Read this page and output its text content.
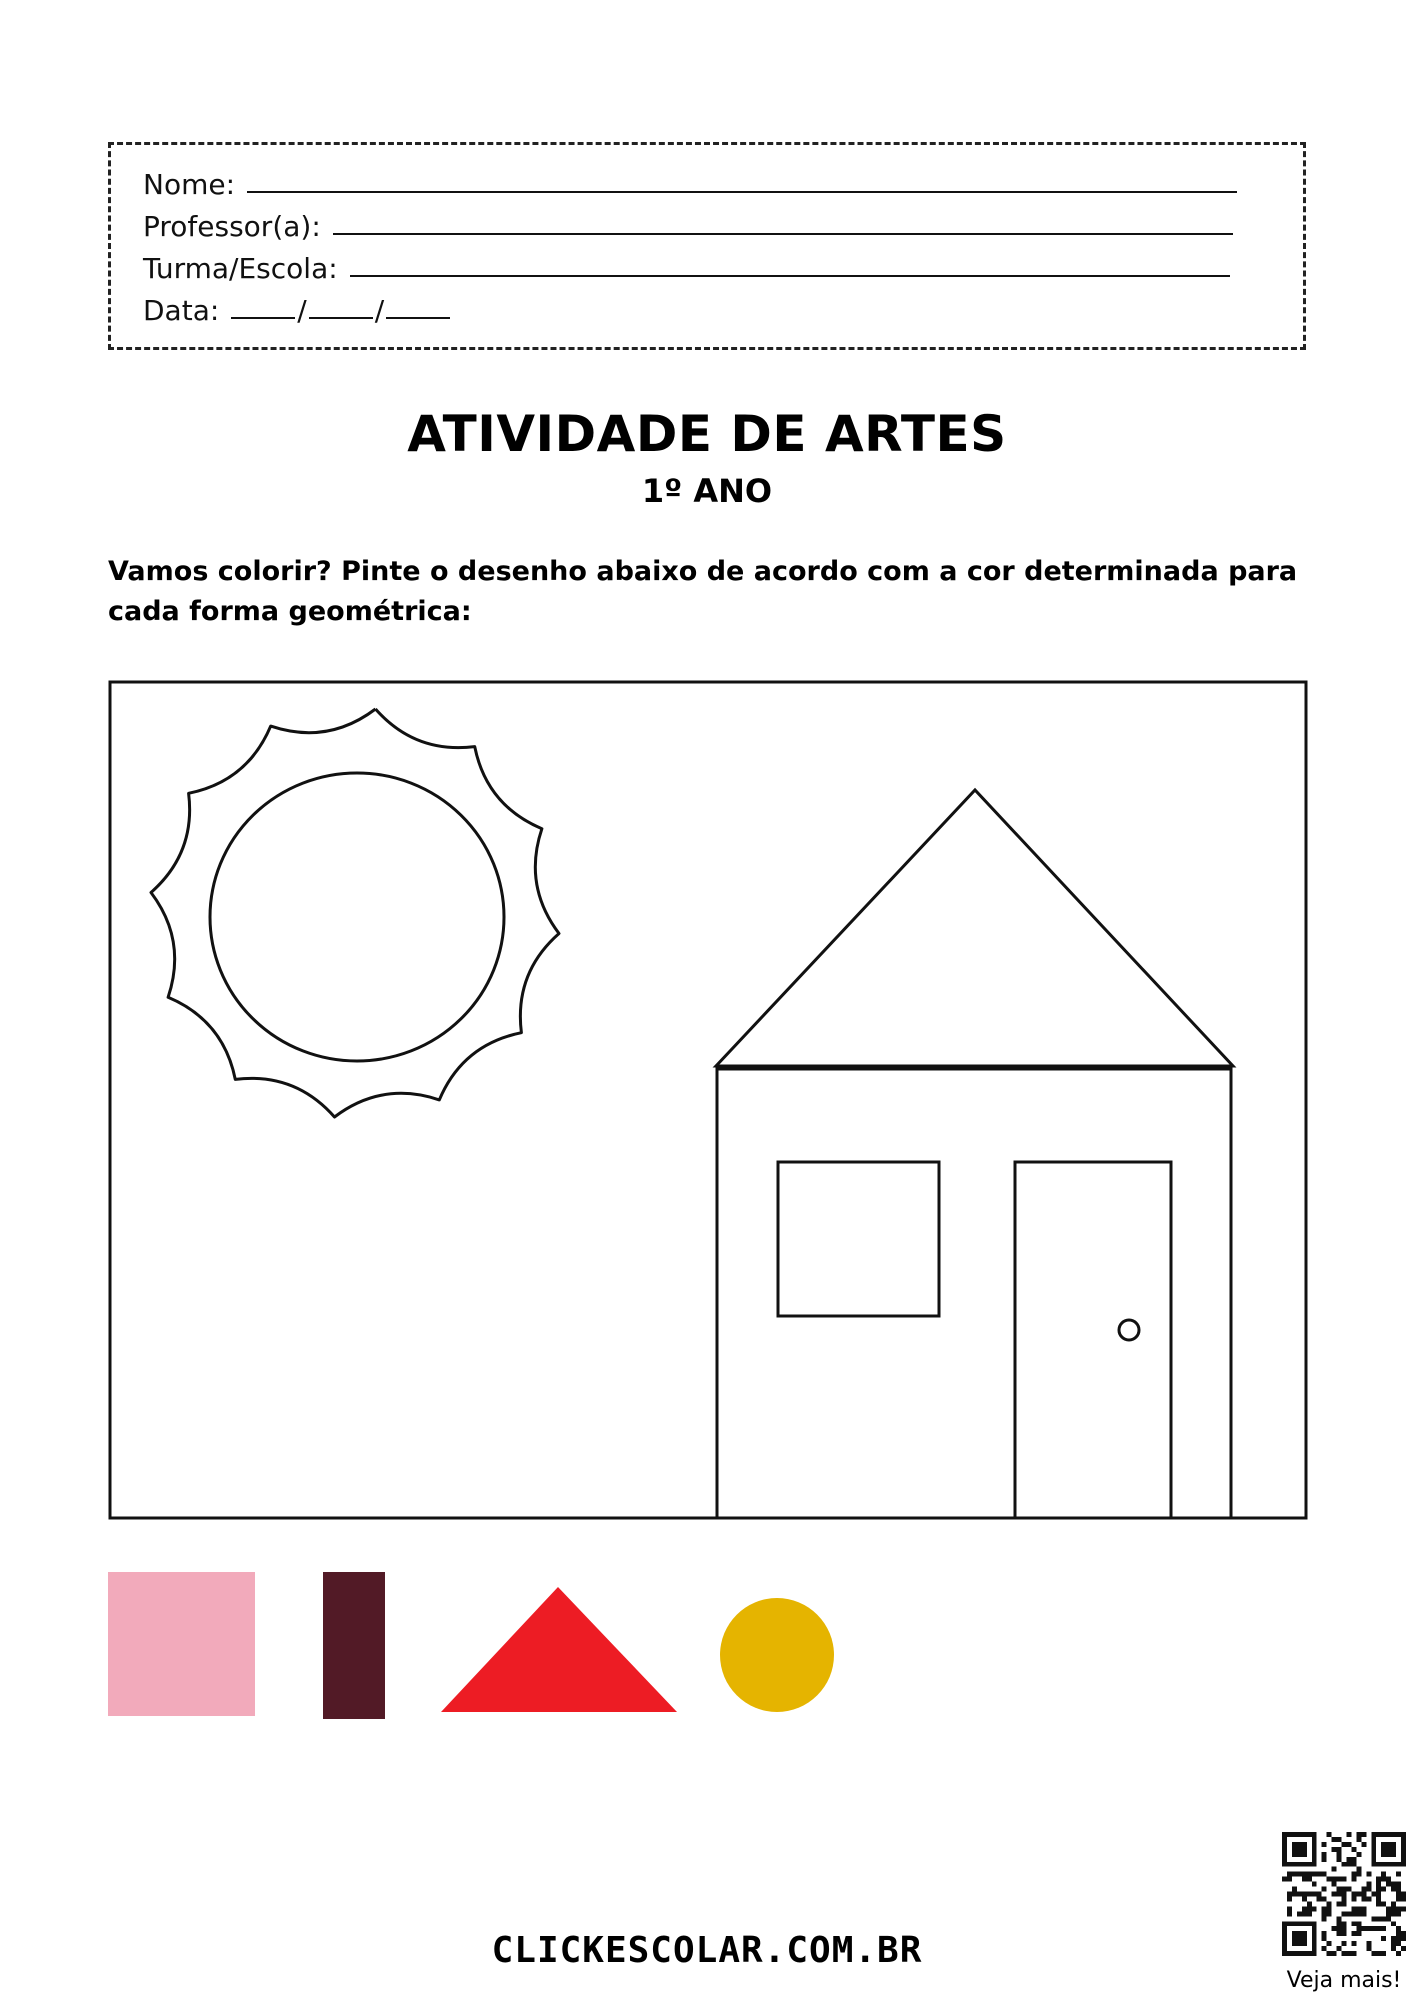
Nome:
Professor(a):
Turma/Escola:
Data:	/ /
ATIVIDADE DE ARTES
1º ANO
Vamos colorir? Pinte o desenho abaixo de acordo com a cor determinada para cada forma geométrica:
CLICKESCOLAR.COM.BR
Veja mais!
